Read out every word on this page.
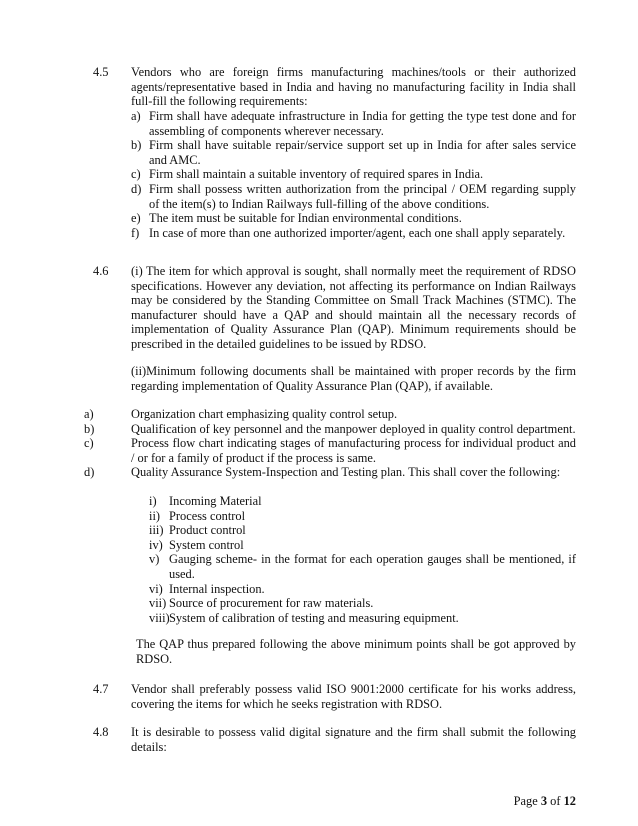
4.5 Vendors who are foreign firms manufacturing machines/tools or their authorized agents/representative based in India and having no manufacturing facility in India shall full-fill the following requirements:
a) Firm shall have adequate infrastructure in India for getting the type test done and for assembling of components wherever necessary.
b) Firm shall have suitable repair/service support set up in India for after sales service and AMC.
c) Firm shall maintain a suitable inventory of required spares in India.
d) Firm shall possess written authorization from the principal / OEM regarding supply of the item(s) to Indian Railways full-filling of the above conditions.
e) The item must be suitable for Indian environmental conditions.
f) In case of more than one authorized importer/agent, each one shall apply separately.
4.6 (i) The item for which approval is sought, shall normally meet the requirement of RDSO specifications. However any deviation, not affecting its performance on Indian Railways may be considered by the Standing Committee on Small Track Machines (STMC). The manufacturer should have a QAP and should maintain all the necessary records of implementation of Quality Assurance Plan (QAP). Minimum requirements should be prescribed in the detailed guidelines to be issued by RDSO.
(ii)Minimum following documents shall be maintained with proper records by the firm regarding implementation of Quality Assurance Plan (QAP), if available.
a)	Organization chart emphasizing quality control setup.
b)	Qualification of key personnel and the manpower deployed in quality control department.
c)	Process flow chart indicating stages of manufacturing process for individual product and / or for a family of product if the process is same.
d)	Quality Assurance System-Inspection and Testing plan. This shall cover the following:
i) Incoming Material
ii) Process control
iii) Product control
iv) System control
v) Gauging scheme- in the format for each operation gauges shall be mentioned, if used.
vi) Internal inspection.
vii) Source of procurement for raw materials.
viii) System of calibration of testing and measuring equipment.
The QAP thus prepared following the above minimum points shall be got approved by RDSO.
4.7 Vendor shall preferably possess valid ISO 9001:2000 certificate for his works address, covering the items for which he seeks registration with RDSO.
4.8 It is desirable to possess valid digital signature and the firm shall submit the following details:
Page 3 of 12
